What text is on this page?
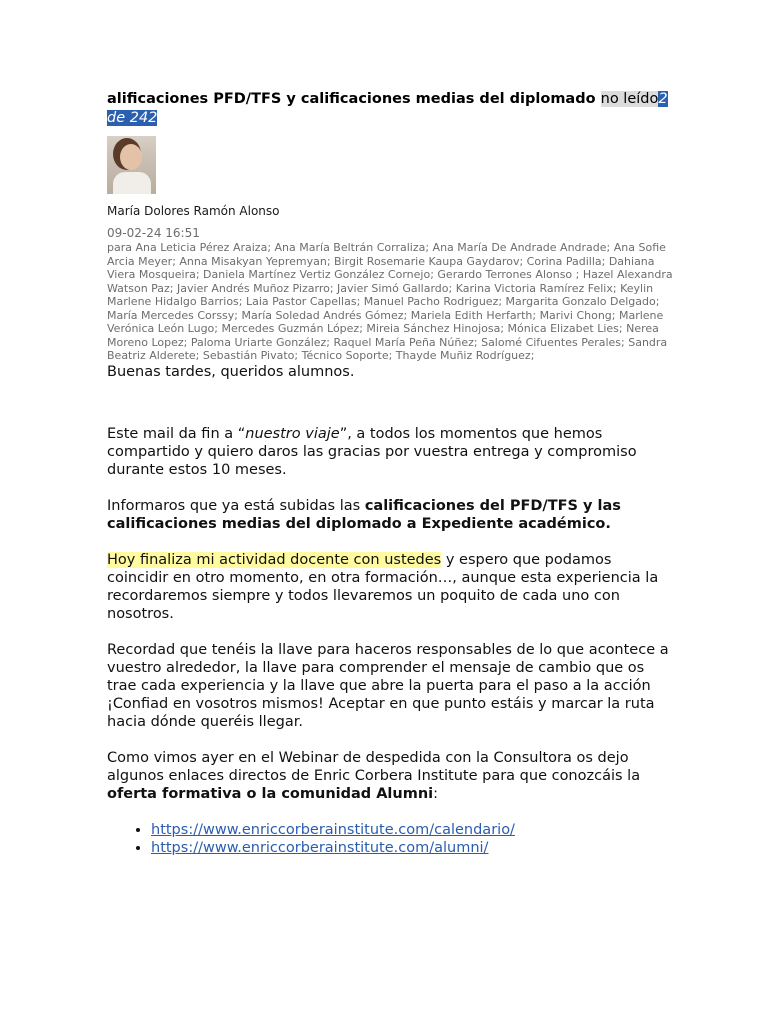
alificaciones PFD/TFS y calificaciones medias del diplomado no leído2 de 242

María Dolores Ramón Alonso
09-02-24 16:51
para Ana Leticia Pérez Araiza; Ana María Beltrán Corraliza; Ana María De Andrade Andrade; Ana Sofie Arcia Meyer; Anna Misakyan Yepremyan; Birgit Rosemarie Kaupa Gaydarov; Corina Padilla; Dahiana Viera Mosqueira; Daniela Martínez Vertiz González Cornejo; Gerardo Terrones Alonso ; Hazel Alexandra Watson Paz; Javier Andrés Muñoz Pizarro; Javier Simó Gallardo; Karina Victoria Ramírez Felix; Keylin Marlene Hidalgo Barrios; Laia Pastor Capellas; Manuel Pacho Rodriguez; Margarita Gonzalo Delgado; María Mercedes Corssy; María Soledad Andrés Gómez; Mariela Edith Herfarth; Marivi Chong; Marlene Verónica León Lugo; Mercedes Guzmán López; Mireia Sánchez Hinojosa; Mónica Elizabet Lies; Nerea Moreno Lopez; Paloma Uriarte González; Raquel María Peña Núñez; Salomé Cifuentes Perales; Sandra Beatriz Alderete; Sebastián Pivato; Técnico Soporte; Thayde Muñiz Rodríguez;

Buenas tardes, queridos alumnos.

Este mail da fin a “nuestro viaje”, a todos los momentos que hemos compartido y quiero daros las gracias por vuestra entrega y compromiso durante estos 10 meses.

Informaros que ya está subidas las calificaciones del PFD/TFS y las calificaciones medias del diplomado a Expediente académico.

Hoy finaliza mi actividad docente con ustedes y espero que podamos coincidir en otro momento, en otra formación…, aunque esta experiencia la recordaremos siempre y todos llevaremos un poquito de cada uno con nosotros.

Recordad que tenéis la llave para haceros responsables de lo que acontece a vuestro alrededor, la llave para comprender el mensaje de cambio que os trae cada experiencia y la llave que abre la puerta para el paso a la acción ¡Confiad en vosotros mismos! Aceptar en que punto estáis y marcar la ruta hacia dónde queréis llegar.

Como vimos ayer en el Webinar de despedida con la Consultora os dejo algunos enlaces directos de Enric Corbera Institute para que conozcáis la oferta formativa o la comunidad Alumni:

• https://www.enriccorberainstitute.com/calendario/
• https://www.enriccorberainstitute.com/alumni/
